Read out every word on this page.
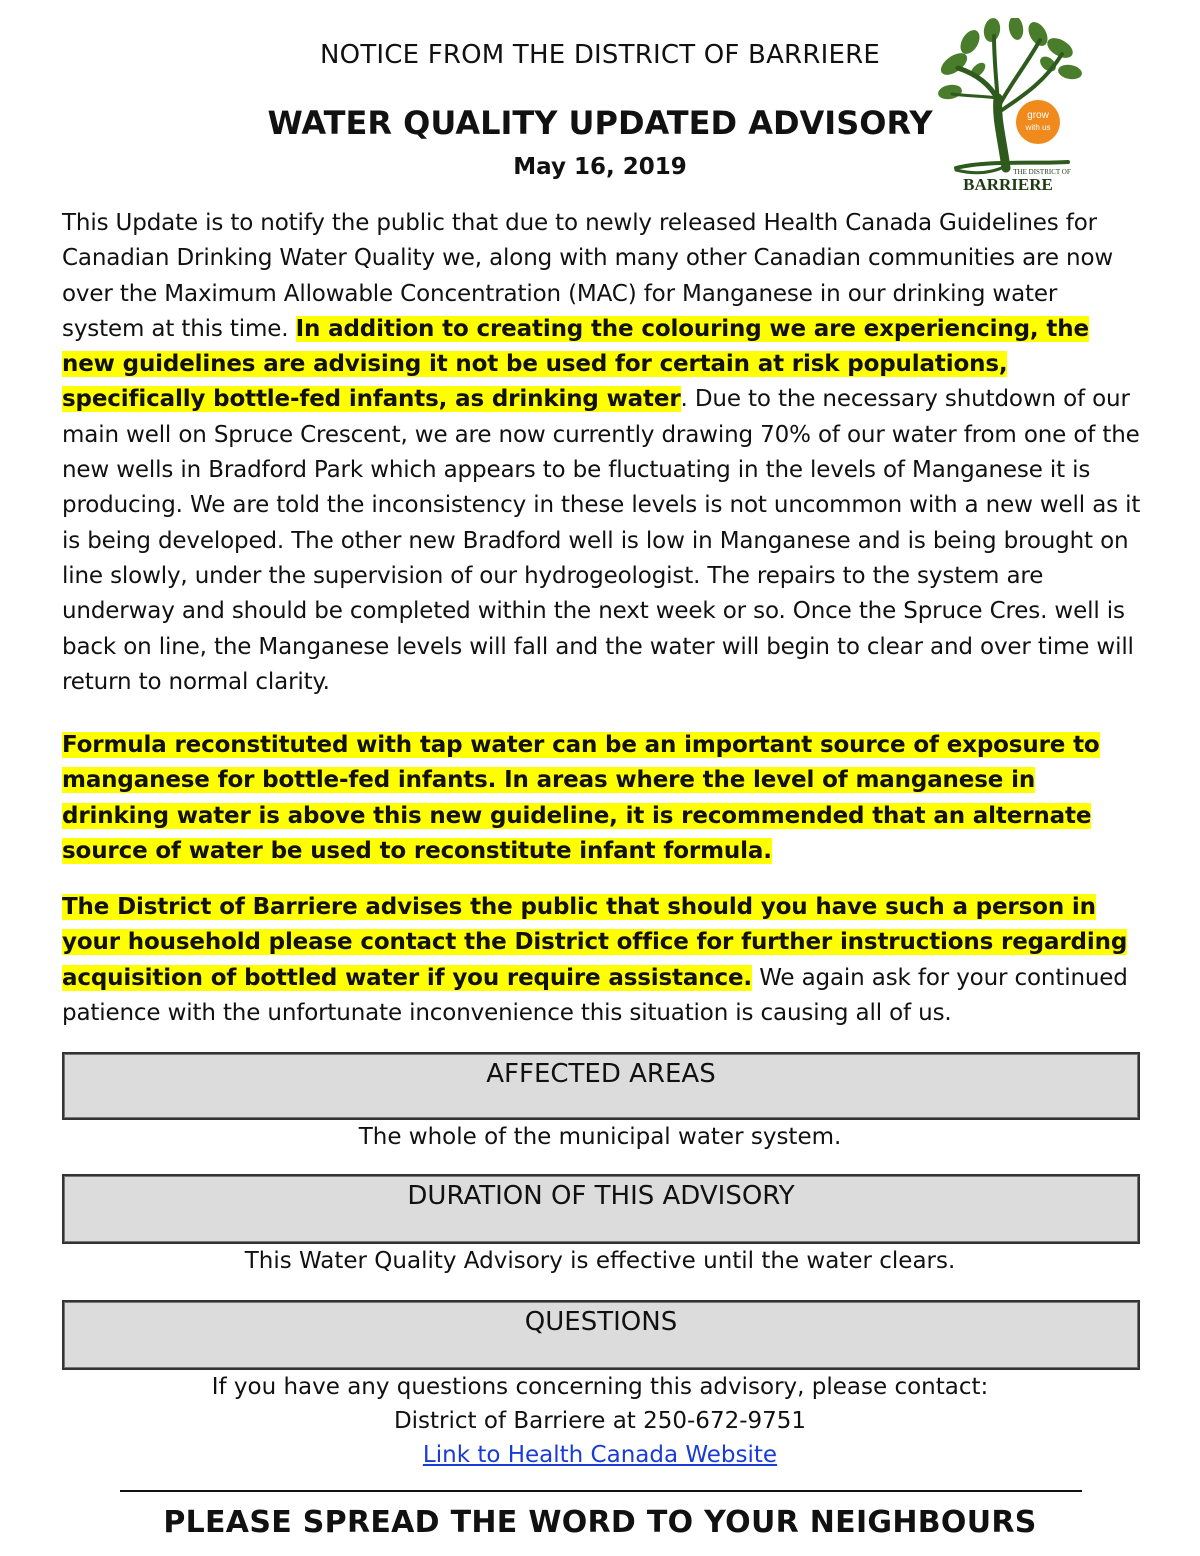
NOTICE FROM THE DISTRICT OF BARRIERE
WATER QUALITY UPDATED ADVISORY
May 16, 2019
grow
with us
THE DISTRICT OF
BARRIERE
This Update is to notify the public that due to newly released Health Canada Guidelines for Canadian Drinking Water Quality we, along with many other Canadian communities are now over the Maximum Allowable Concentration (MAC) for Manganese in our drinking water system at this time. In addition to creating the colouring we are experiencing, the new guidelines are advising it not be used for certain at risk populations, specifically bottle-fed infants, as drinking water. Due to the necessary shutdown of our main well on Spruce Crescent, we are now currently drawing 70% of our water from one of the new wells in Bradford Park which appears to be fluctuating in the levels of Manganese it is producing. We are told the inconsistency in these levels is not uncommon with a new well as it is being developed. The other new Bradford well is low in Manganese and is being brought on line slowly, under the supervision of our hydrogeologist. The repairs to the system are underway and should be completed within the next week or so. Once the Spruce Cres. well is back on line, the Manganese levels will fall and the water will begin to clear and over time will return to normal clarity.
Formula reconstituted with tap water can be an important source of exposure to manganese for bottle-fed infants. In areas where the level of manganese in drinking water is above this new guideline, it is recommended that an alternate source of water be used to reconstitute infant formula.
The District of Barriere advises the public that should you have such a person in your household please contact the District office for further instructions regarding acquisition of bottled water if you require assistance. We again ask for your continued patience with the unfortunate inconvenience this situation is causing all of us.
AFFECTED AREAS
The whole of the municipal water system.
DURATION OF THIS ADVISORY
This Water Quality Advisory is effective until the water clears.
QUESTIONS
If you have any questions concerning this advisory, please contact:
District of Barriere at 250-672-9751
Link to Health Canada Website
PLEASE SPREAD THE WORD TO YOUR NEIGHBOURS
